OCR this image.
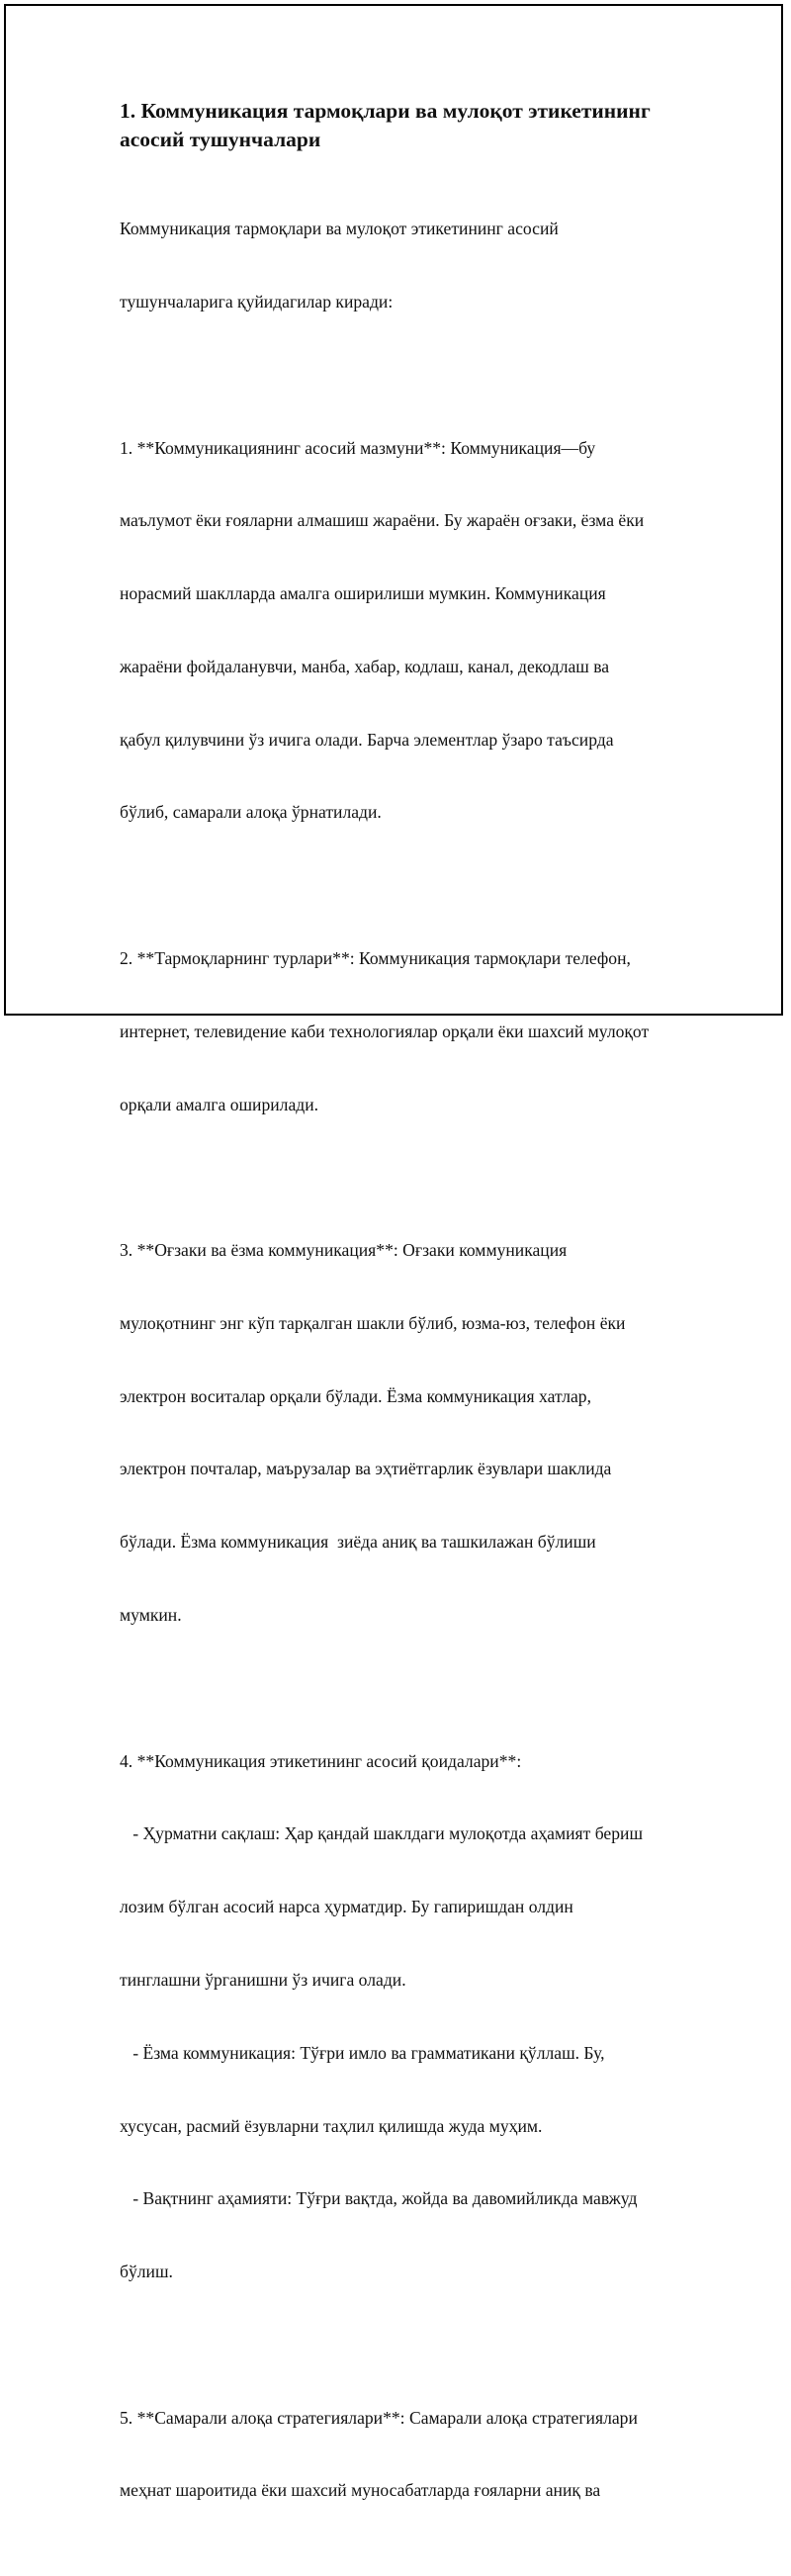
1. Коммуникация тармоқлари ва мулоқот этикетининг
асосий тушунчалари

Коммуникация тармоқлари ва мулоқот этикетининг асосий

тушунчаларига қуйидагилар киради:

1. **Коммуникациянинг асосий мазмуни**: Коммуникация—бу

маълумот ёки ғояларни алмашиш жараёни. Бу жараён оғзаки, ёзма ёки

норасмий шаклларда амалга оширилиши мумкин. Коммуникация

жараёни фойдаланувчи, манба, хабар, кодлаш, канал, декодлаш ва

қабул қилувчини ўз ичига олади. Барча элементлар ўзаро таъсирда

бўлиб, самарали алоқа ўрнатилади.

2. **Тармоқларнинг турлари**: Коммуникация тармоқлари телефон,

интернет, телевидение каби технологиялар орқали ёки шахсий мулоқот

орқали амалга оширилади.

3. **Оғзаки ва ёзма коммуникация**: Оғзаки коммуникация

мулоқотнинг энг кўп тарқалган шакли бўлиб, юзма-юз, телефон ёки

электрон воситалар орқали бўлади. Ёзма коммуникация хатлар,

электрон почталар, маърузалар ва эҳтиётгарлик ёзувлари шаклида

бўлади. Ёзма коммуникация  зиёда аниқ ва ташкилажан бўлиши

мумкин.

4. **Коммуникация этикетининг асосий қоидалари**:

- Ҳурматни сақлаш: Ҳар қандай шаклдаги мулоқотда аҳамият бериш

лозим бўлган асосий нарса ҳурматдир. Бу гапиришдан олдин

тинглашни ўрганишни ўз ичига олади.

- Ёзма коммуникация: Тўғри имло ва грамматикани қўллаш. Бу,

хусусан, расмий ёзувларни таҳлил қилишда жуда муҳим.

- Вақтнинг аҳамияти: Тўғри вақтда, жойда ва давомийликда мавжуд

бўлиш.

5. **Самарали алоқа стратегиялари**: Самарали алоқа стратегиялари

меҳнат шароитида ёки шахсий муносабатларда ғояларни аниқ ва
